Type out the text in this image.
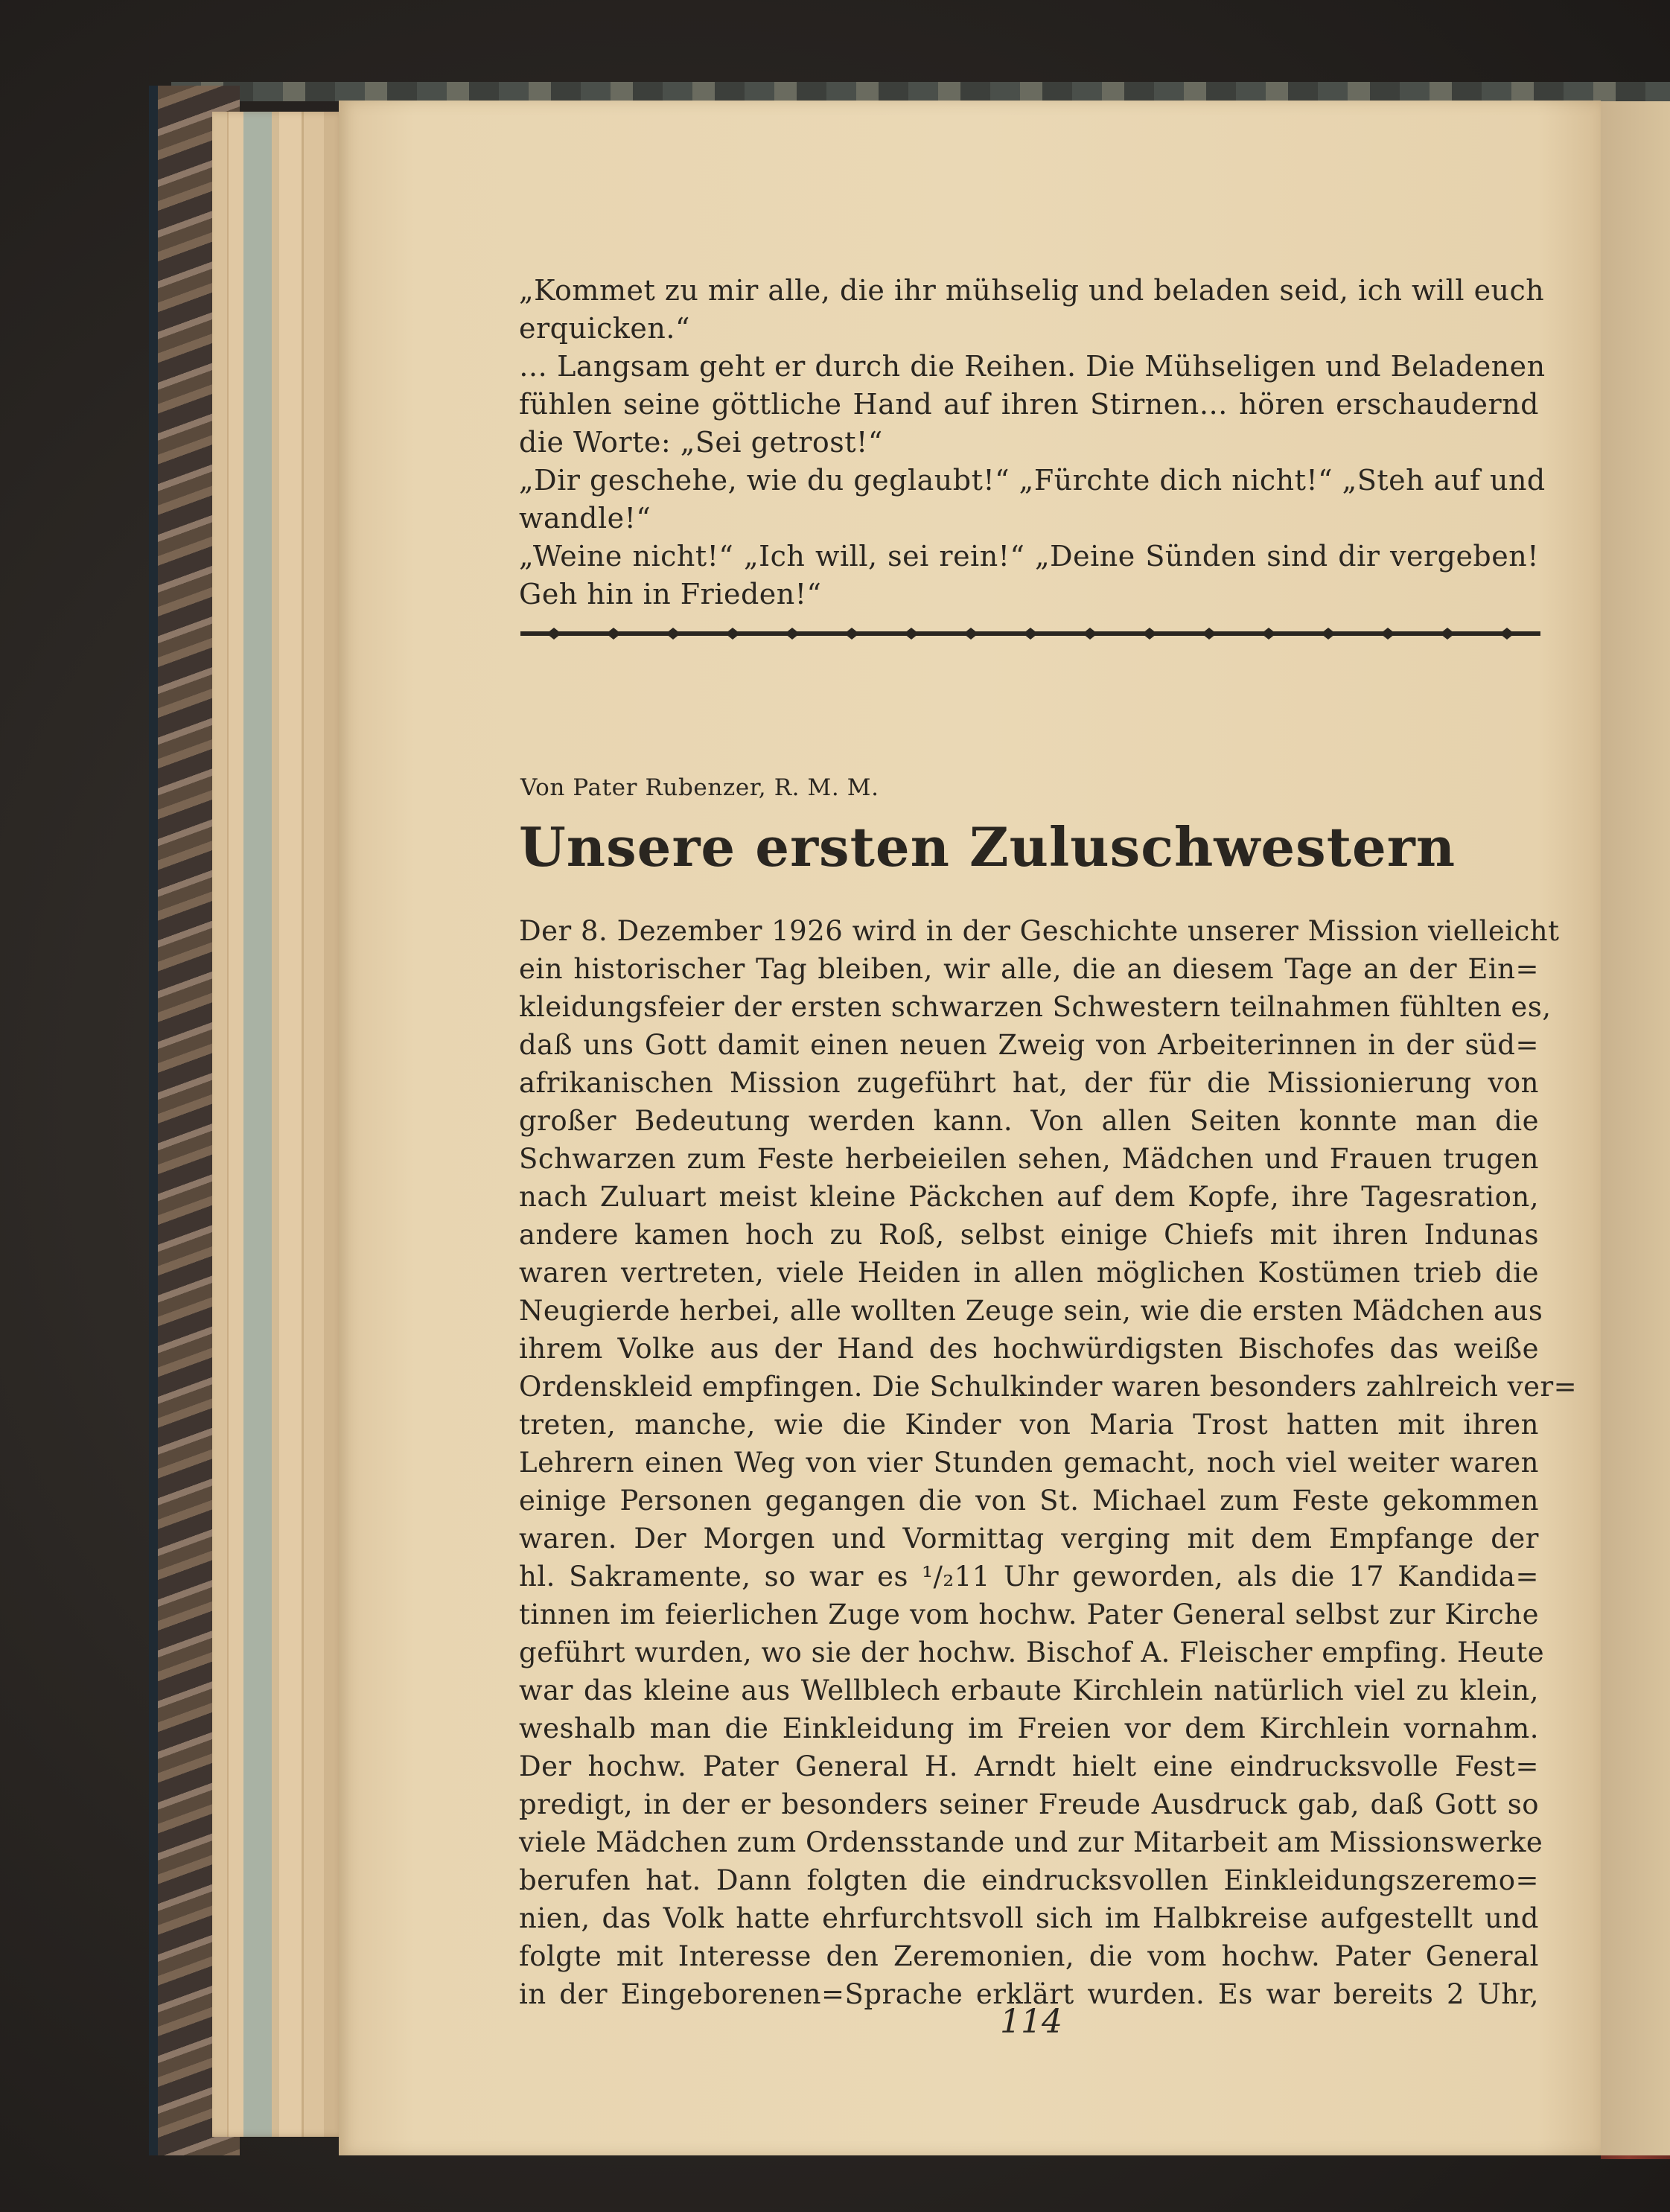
„Kommet zu mir alle, die ihr mühselig und beladen seid, ich will euch
erquicken.“
… Langsam geht er durch die Reihen. Die Mühseligen und Beladenen
fühlen seine göttliche Hand auf ihren Stirnen… hören erschaudernd
die Worte: „Sei getrost!“
„Dir geschehe, wie du geglaubt!“ „Fürchte dich nicht!“ „Steh auf und
wandle!“
„Weine nicht!“ „Ich will, sei rein!“ „Deine Sünden sind dir vergeben!
Geh hin in Frieden!“
Von Pater Rubenzer, R. M. M.
Unsere ersten Zuluschwestern
Der 8. Dezember 1926 wird in der Geschichte unserer Mission vielleicht
ein historischer Tag bleiben, wir alle, die an diesem Tage an der Ein=
kleidungsfeier der ersten schwarzen Schwestern teilnahmen fühlten es,
daß uns Gott damit einen neuen Zweig von Arbeiterinnen in der süd=
afrikanischen Mission zugeführt hat, der für die Missionierung von
großer Bedeutung werden kann. Von allen Seiten konnte man die
Schwarzen zum Feste herbeieilen sehen, Mädchen und Frauen trugen
nach Zuluart meist kleine Päckchen auf dem Kopfe, ihre Tagesration,
andere kamen hoch zu Roß, selbst einige Chiefs mit ihren Indunas
waren vertreten, viele Heiden in allen möglichen Kostümen trieb die
Neugierde herbei, alle wollten Zeuge sein, wie die ersten Mädchen aus
ihrem Volke aus der Hand des hochwürdigsten Bischofes das weiße
Ordenskleid empfingen. Die Schulkinder waren besonders zahlreich ver=
treten, manche, wie die Kinder von Maria Trost hatten mit ihren
Lehrern einen Weg von vier Stunden gemacht, noch viel weiter waren
einige Personen gegangen die von St. Michael zum Feste gekommen
waren. Der Morgen und Vormittag verging mit dem Empfange der
hl. Sakramente, so war es ¹/₂11 Uhr geworden, als die 17 Kandida=
tinnen im feierlichen Zuge vom hochw. Pater General selbst zur Kirche
geführt wurden, wo sie der hochw. Bischof A. Fleischer empfing. Heute
war das kleine aus Wellblech erbaute Kirchlein natürlich viel zu klein,
weshalb man die Einkleidung im Freien vor dem Kirchlein vornahm.
Der hochw. Pater General H. Arndt hielt eine eindrucksvolle Fest=
predigt, in der er besonders seiner Freude Ausdruck gab, daß Gott so
viele Mädchen zum Ordensstande und zur Mitarbeit am Missionswerke
berufen hat. Dann folgten die eindrucksvollen Einkleidungszeremo=
nien, das Volk hatte ehrfurchtsvoll sich im Halbkreise aufgestellt und
folgte mit Interesse den Zeremonien, die vom hochw. Pater General
in der Eingeborenen=Sprache erklärt wurden. Es war bereits 2 Uhr,
114
